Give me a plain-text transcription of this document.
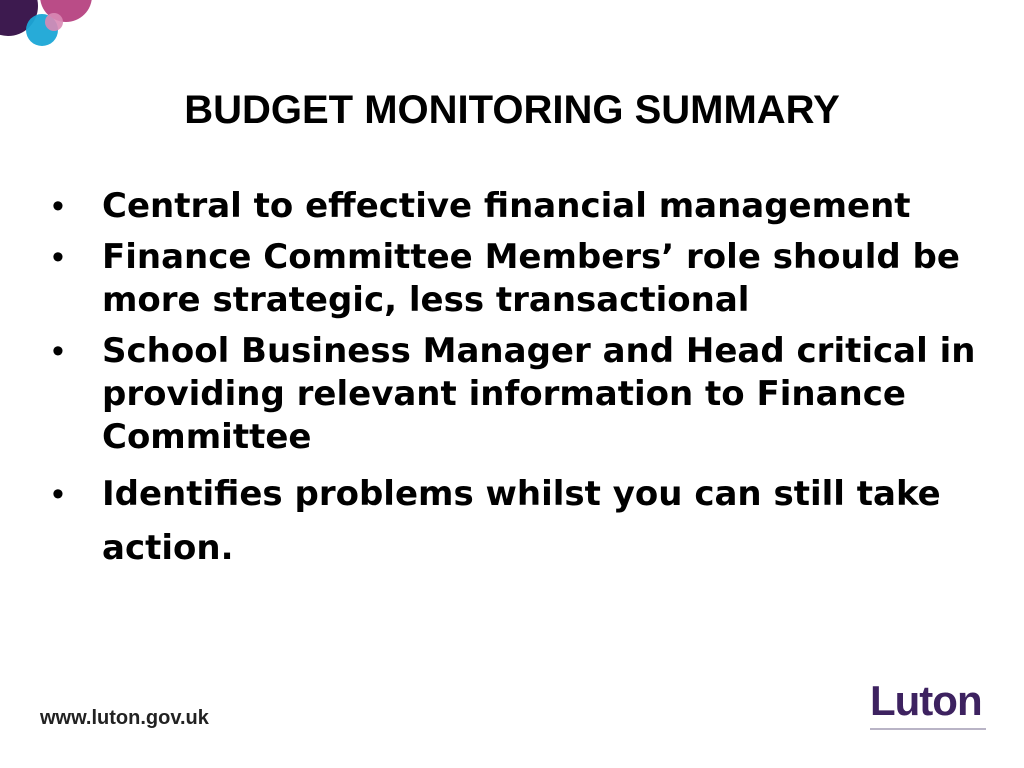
BUDGET MONITORING SUMMARY
• Central to effective financial management
• Finance Committee Members’ role should be more strategic, less transactional
• School Business Manager and Head critical in providing relevant information to Finance Committee
• Identifies problems whilst you can still take action.
www.luton.gov.uk	Luton
